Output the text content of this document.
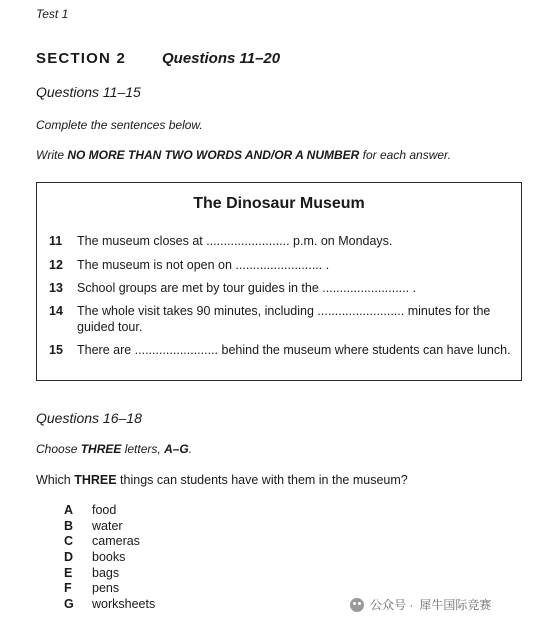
Test 1
SECTION 2 Questions 11–20
Questions 11–15
Complete the sentences below.
Write NO MORE THAN TWO WORDS AND/OR A NUMBER for each answer.
The Dinosaur Museum
11	The museum closes at ........................ p.m. on Mondays.
12	The museum is not open on ......................... .
13	School groups are met by tour guides in the ......................... .
14	The whole visit takes 90 minutes, including ......................... minutes for the guided tour.
15	There are ........................ behind the museum where students can have lunch.
Questions 16–18
Choose THREE letters, A–G.
Which THREE things can students have with them in the museum?
A	food
B	water
C	cameras
D	books
E	bags
F	pens
G	worksheets	公众号 · 犀牛国际竞赛
